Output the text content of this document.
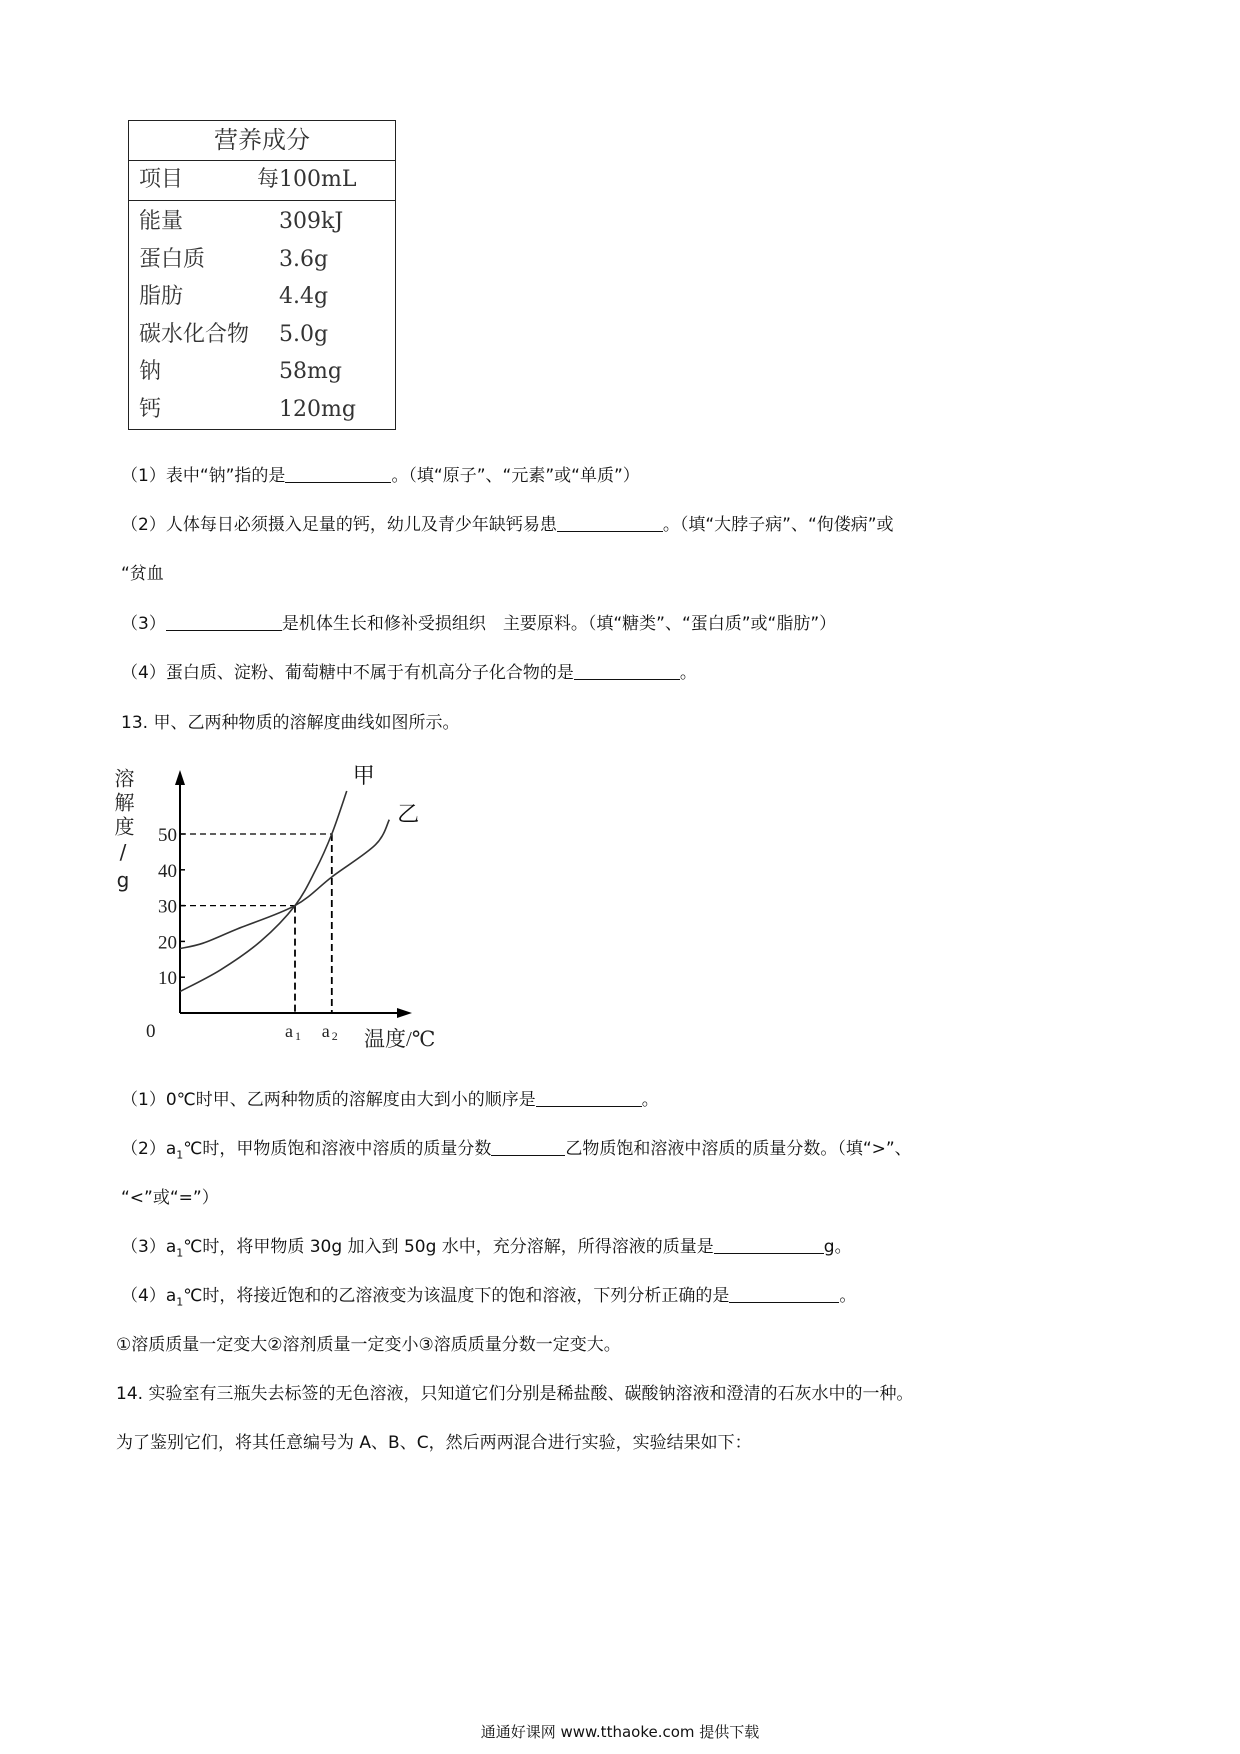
营养成分
项目	每100mL
能量	309kJ
蛋白质	3.6g
脂肪	4.4g
碳水化合物 5.0g
钠	58mg
钙	120mg
（1）表中“钠”指的是	。（填“原子”、“元素”或“单质”）
（2）人体每日必须摄入足量的钙，幼儿及青少年缺钙易患	。（填“大脖子病”、“佝偻病”或
“贫血
（3）	是机体生长和修补受损组织　主要原料。（填“糖类”、“蛋白质”或“脂肪”）
（4）蛋白质、淀粉、葡萄糖中不属于有机高分子化合物的是	。
13. 甲、乙两种物质的溶解度曲线如图所示。
溶解度/g
10
20
30
40
50
0	温度/℃
a 1 a 2
甲
乙
（1）0℃时甲、乙两种物质的溶解度由大到小的顺序是	。
$(2)a_1℃$时，甲物质饱和溶液中溶质的质量分数	乙物质饱和溶液中溶质的质量分数。（填“>”、
“<”或“=”）
$(3)a_1℃$时，将甲物质 30g 加入到 50g 水中，充分溶解，所得溶液的质量是	g。
$(4)a_1℃$时，将接近饱和的乙溶液变为该温度下的饱和溶液，下列分析正确的是	。
①溶质质量一定变大②溶剂质量一定变小③溶质质量分数一定变大。
14. 实验室有三瓶失去标签的无色溶液，只知道它们分别是稀盐酸、碳酸钠溶液和澄清的石灰水中的一种。
为了鉴别它们，将其任意编号为 A、B、C，然后两两混合进行实验，实验结果如下：
通通好课网 www.tthaoke.com 提供下载
